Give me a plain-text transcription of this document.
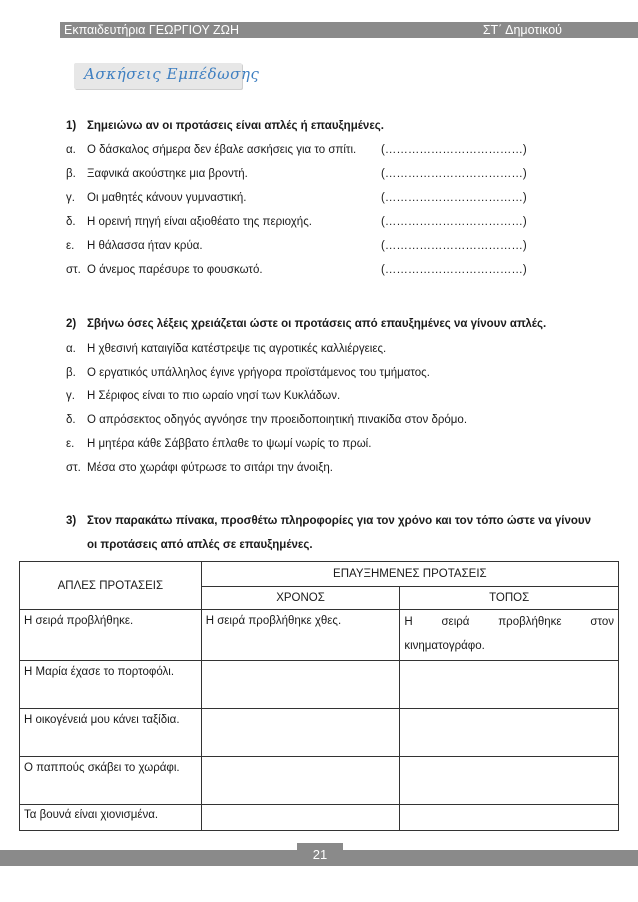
Εκπαιδευτήρια ΓΕΩΡΓΙΟΥ ΖΩΗ	ΣΤ΄ Δημοτικού
Ασκήσεις Εμπέδωσης
1) Σημειώνω αν οι προτάσεις είναι απλές ή επαυξημένες.
α. Ο δάσκαλος σήμερα δεν έβαλε ασκήσεις για το σπίτι. (………………………………)
β. Ξαφνικά ακούστηκε μια βροντή.	(………………………………)
γ. Οι μαθητές κάνουν γυμναστική.	(………………………………)
δ. Η ορεινή πηγή είναι αξιοθέατο της περιοχής.	(………………………………)
ε. Η θάλασσα ήταν κρύα.	(………………………………)
στ. Ο άνεμος παρέσυρε το φουσκωτό.	(………………………………)
2) Σβήνω όσες λέξεις χρειάζεται ώστε οι προτάσεις από επαυξημένες να γίνουν απλές.
α. Η χθεσινή καταιγίδα κατέστρεψε τις αγροτικές καλλιέργειες.
β. Ο εργατικός υπάλληλος έγινε γρήγορα προϊστάμενος του τμήματος.
γ. Η Σέριφος είναι το πιο ωραίο νησί των Κυκλάδων.
δ. Ο απρόσεκτος οδηγός αγνόησε την προειδοποιητική πινακίδα στον δρόμο.
ε. Η μητέρα κάθε Σάββατο έπλαθε το ψωμί νωρίς το πρωί.
στ. Μέσα στο χωράφι φύτρωσε το σιτάρι την άνοιξη.
3) Στον παρακάτω πίνακα, προσθέτω πληροφορίες για τον χρόνο και τον τόπο ώστε να γίνουν
οι προτάσεις από απλές σε επαυξημένες.
ΑΠΛΕΣ ΠΡΟΤΑΣΕΙΣ	ΕΠΑΥΞΗΜΕΝΕΣ ΠΡΟΤΑΣΕΙΣ	
	ΧΡΟΝΟΣ	ΤΟΠΟΣ
Η σειρά προβλήθηκε.	Η σειρά προβλήθηκε χθες.	Η σειρά προβλήθηκε στον
κινηματογράφο.

Η Μαρία έχασε το πορτοφόλι.		
Η οικογένειά μου κάνει ταξίδια.		
Ο παππούς σκάβει το χωράφι.		
Τα βουνά είναι χιονισμένα.		
21
